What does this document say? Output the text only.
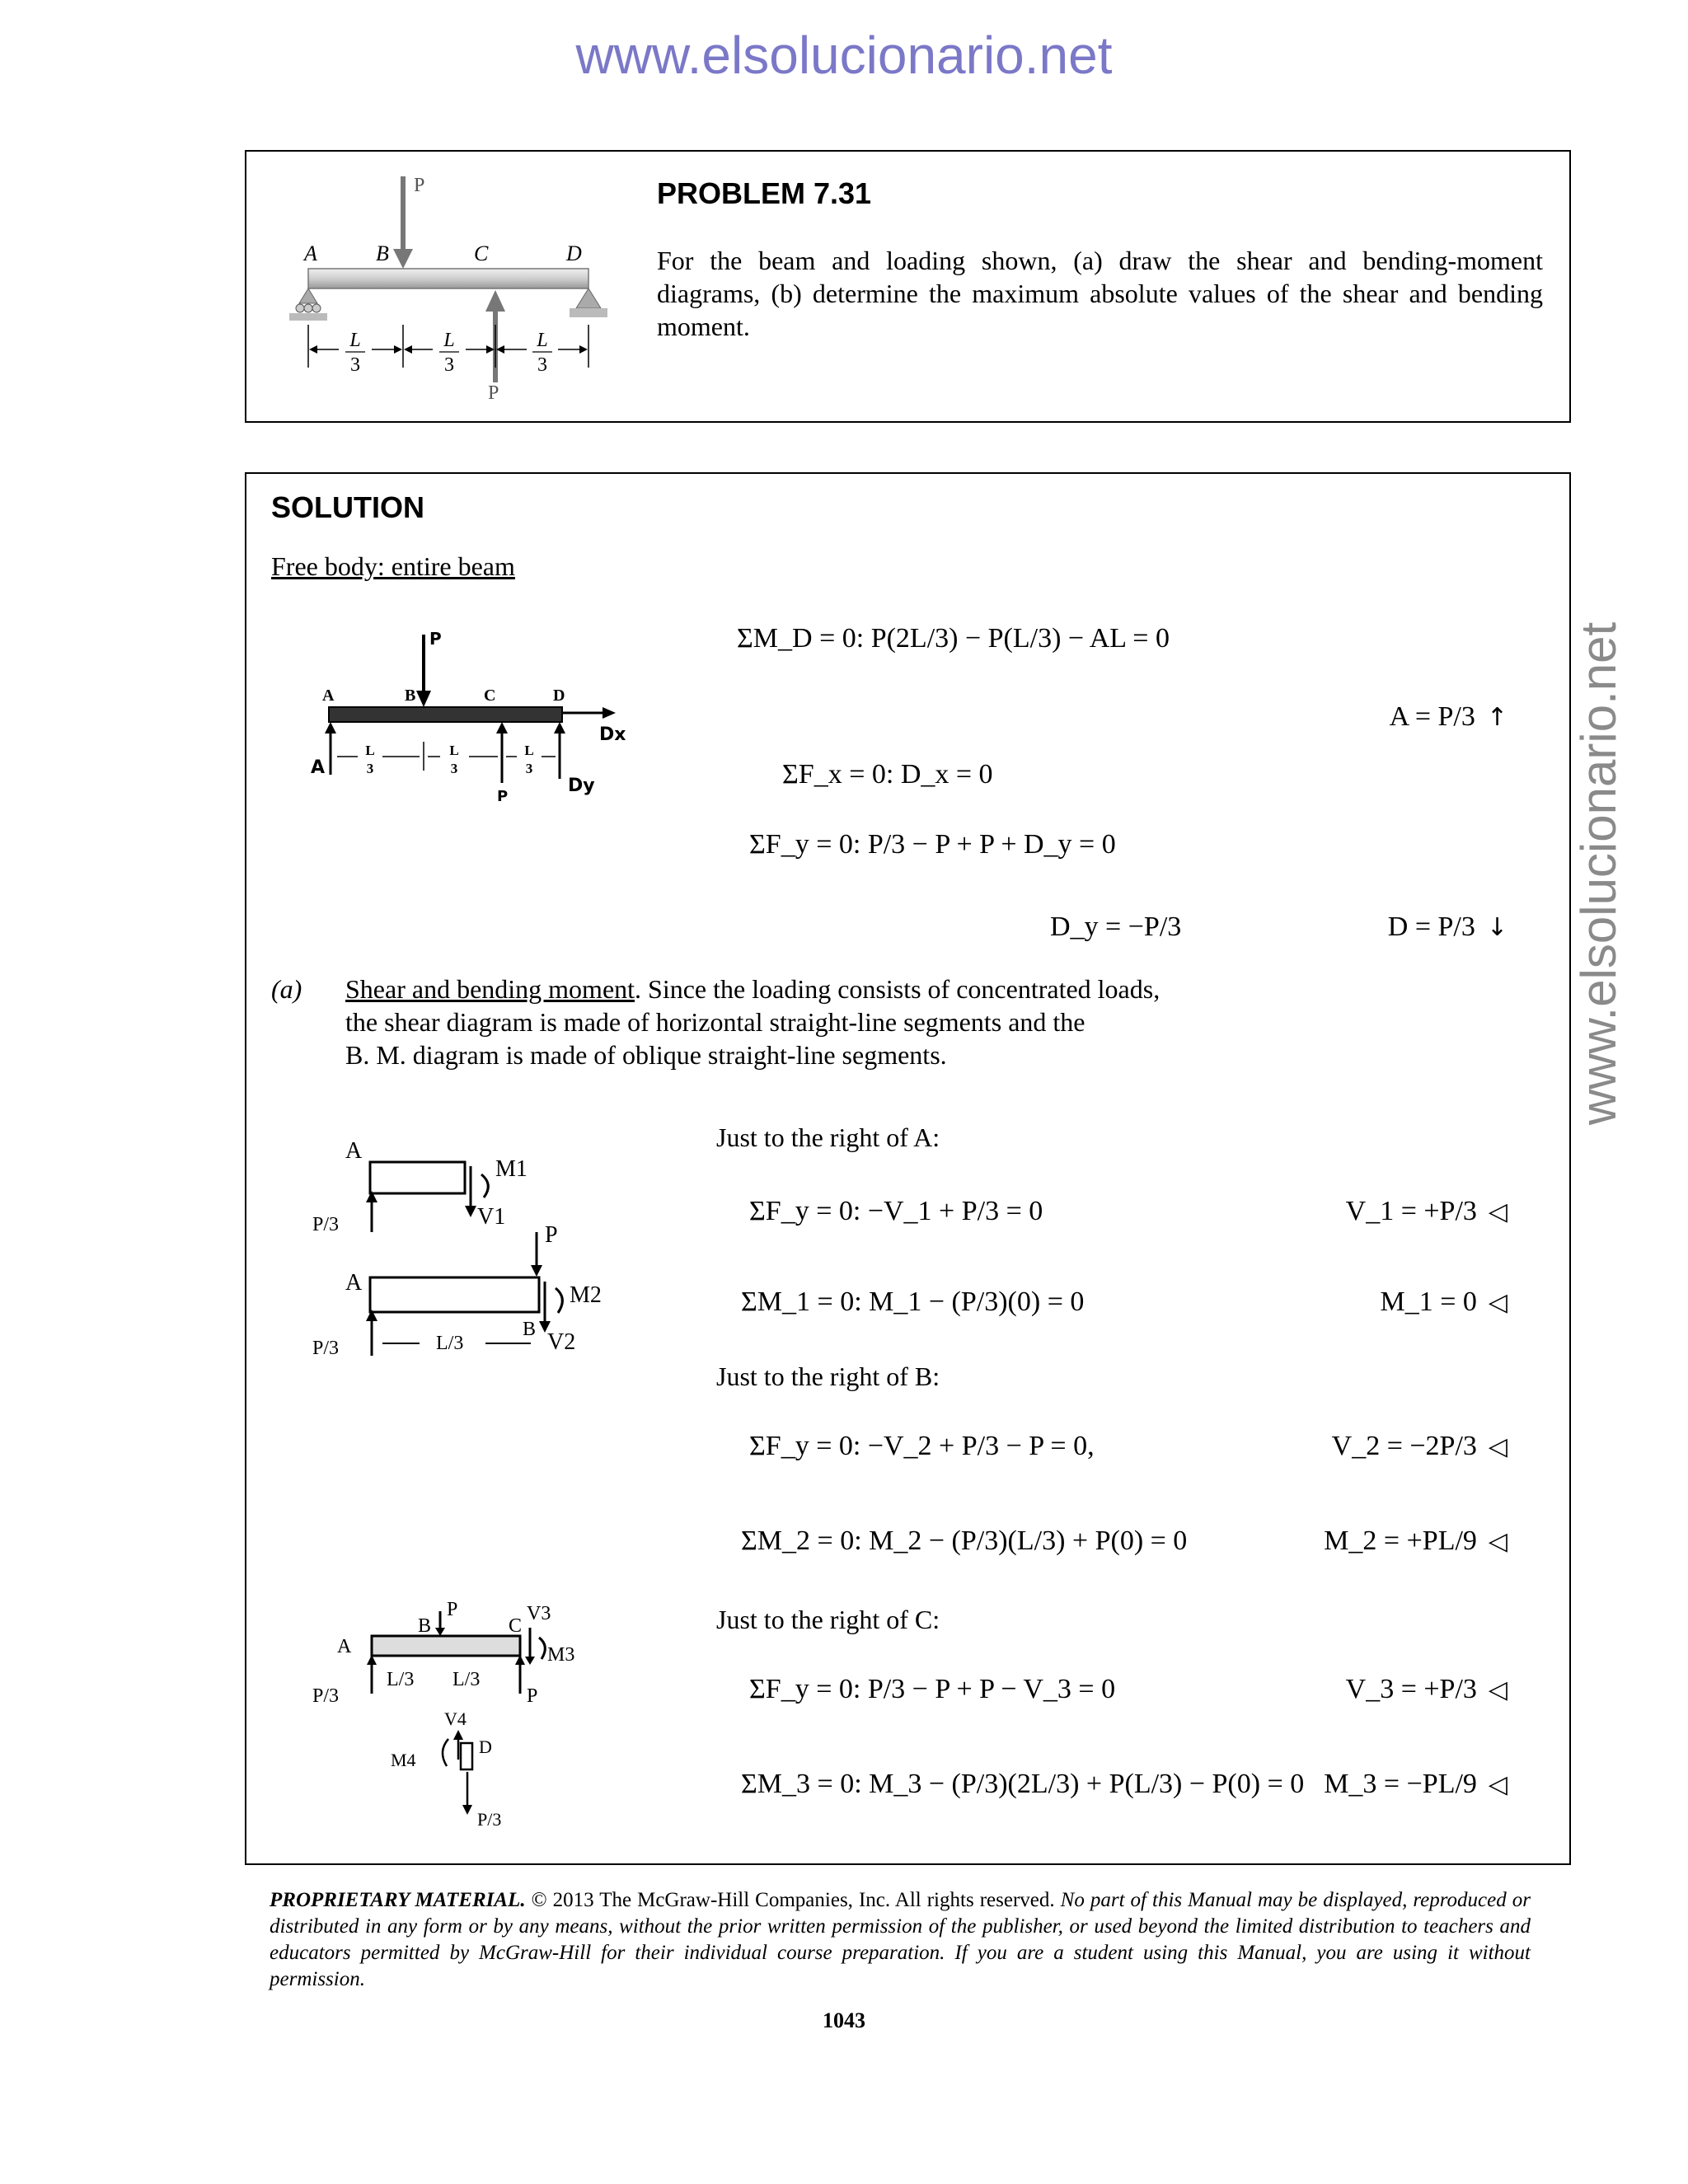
www.elsolucionario.net
www.elsolucionario.net
P
A	B	C	D
P
L	L	L
3	3	3
PROBLEM 7.31
For the beam and loading shown, (a) draw the shear and bending-moment diagrams, (b) determine the maximum absolute values of the shear and bending moment.
SOLUTION
Free body: entire beam
P
A	B	C	D
Dx
A
P
Dy
L	L	L
3	3	3
ΣM_D = 0: P(2L/3) − P(L/3) − AL = 0
A = P/3 ↑
ΣF_x = 0: D_x = 0
ΣF_y = 0: P/3 − P + P + D_y = 0
D_y = −P/3	D = P/3 ↓
(a) Shear and bending moment. Since the loading consists of concentrated loads,
the shear diagram is made of horizontal straight-line segments and the
B. M. diagram is made of oblique straight-line segments.
A
M1
V1
P/3
A
P
M2
B V2
P/3	L/3
A
P
B	C
V3
M3
P/3
L/3 L/3
P
V4
D
M4
P/3
Just to the right of A:
ΣF_y = 0: −V_1 + P/3 = 0	V_1 = +P/3 ◁
ΣM_1 = 0: M_1 − (P/3)(0) = 0	M_1 = 0 ◁
Just to the right of B:
ΣF_y = 0: −V_2 + P/3 − P = 0,	V_2 = −2P/3 ◁
ΣM_2 = 0: M_2 − (P/3)(L/3) + P(0) = 0	M_2 = +PL/9 ◁
Just to the right of C:
ΣF_y = 0: P/3 − P + P − V_3 = 0	V_3 = +P/3 ◁
ΣM_3 = 0: M_3 − (P/3)(2L/3) + P(L/3) − P(0) = 0 M_3 = −PL/9 ◁
PROPRIETARY MATERIAL. © 2013 The McGraw-Hill Companies, Inc. All rights reserved. No part of this Manual may be displayed, reproduced or distributed in any form or by any means, without the prior written permission of the publisher, or used beyond the limited distribution to teachers and educators permitted by McGraw-Hill for their individual course preparation. If you are a student using this Manual, you are using it without permission.
1043
